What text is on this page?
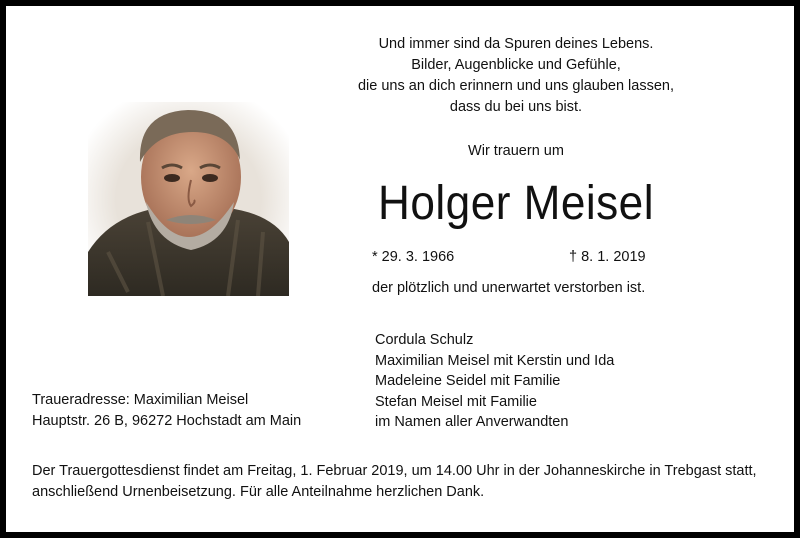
Und immer sind da Spuren deines Lebens.
Bilder, Augenblicke und Gefühle,
die uns an dich erinnern und uns glauben lassen,
dass du bei uns bist.
Wir trauern um
Holger Meisel
* 29. 3. 1966	† 8. 1. 2019
der plötzlich und unerwartet verstorben ist.
Cordula Schulz
Maximilian Meisel mit Kerstin und Ida
Madeleine Seidel mit Familie
Stefan Meisel mit Familie
im Namen aller Anverwandten
Traueradresse: Maximilian Meisel
Hauptstr. 26 B, 96272 Hochstadt am Main
Der Trauergottesdienst findet am Freitag, 1. Februar 2019, um 14.00 Uhr in der Johanneskirche in Trebgast statt,
anschließend Urnenbeisetzung. Für alle Anteilnahme herzlichen Dank.
